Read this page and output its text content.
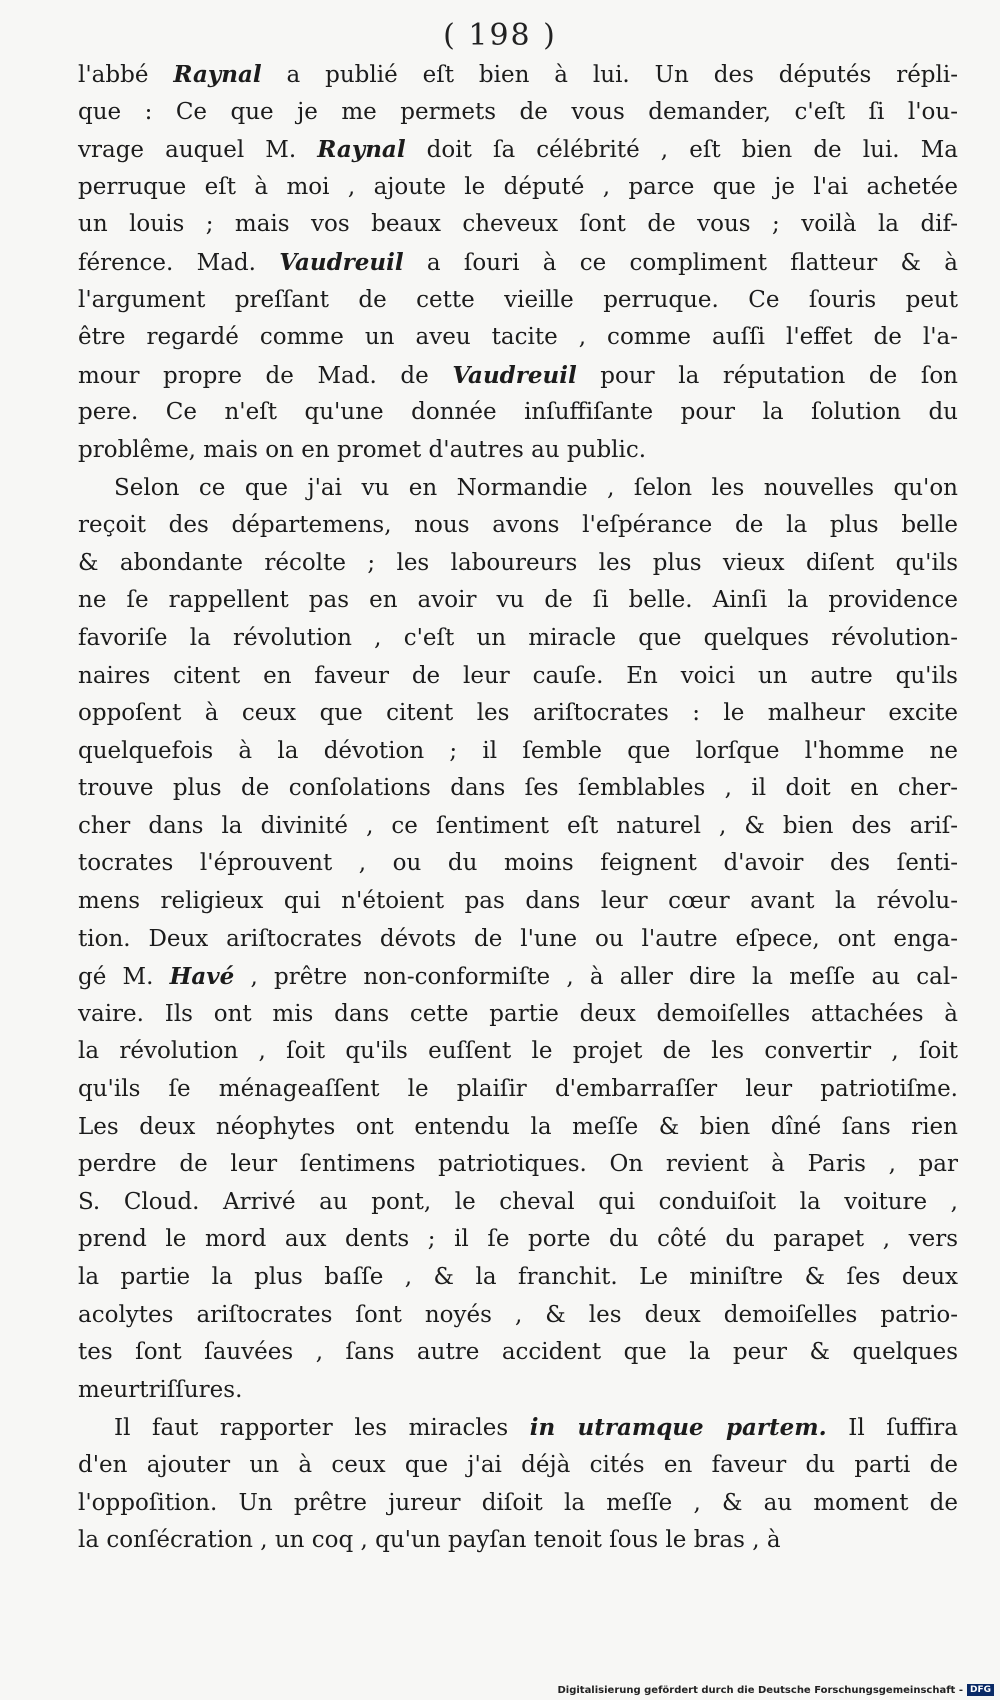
( 198 )
l'abbé Raynal a publié eſt bien à lui. Un des députés répli-
que : Ce que je me permets de vous demander, c'eſt ſi l'ou-
vrage auquel M. Raynal doit ſa célébrité , eſt bien de lui. Ma
perruque eſt à moi , ajoute le député , parce que je l'ai achetée
un louis ; mais vos beaux cheveux ſont de vous ; voilà la dif-
férence. Mad. Vaudreuil a ſouri à ce compliment flatteur & à
l'argument preſſant de cette vieille perruque. Ce ſouris peut
être regardé comme un aveu tacite , comme auſſi l'effet de l'a-
mour propre de Mad. de Vaudreuil pour la réputation de ſon
pere. Ce n'eſt qu'une donnée inſuffiſante pour la ſolution du
problême, mais on en promet d'autres au public.
Selon ce que j'ai vu en Normandie , ſelon les nouvelles qu'on
reçoit des départemens, nous avons l'eſpérance de la plus belle
& abondante récolte ; les laboureurs les plus vieux diſent qu'ils
ne ſe rappellent pas en avoir vu de ſi belle. Ainſi la providence
favoriſe la révolution , c'eſt un miracle que quelques révolution-
naires citent en faveur de leur cauſe. En voici un autre qu'ils
oppoſent à ceux que citent les ariſtocrates : le malheur excite
quelquefois à la dévotion ; il ſemble que lorſque l'homme ne
trouve plus de conſolations dans ſes ſemblables , il doit en cher-
cher dans la divinité , ce ſentiment eſt naturel , & bien des ariſ-
tocrates l'éprouvent , ou du moins feignent d'avoir des ſenti-
mens religieux qui n'étoient pas dans leur cœur avant la révolu-
tion. Deux ariſtocrates dévots de l'une ou l'autre eſpece, ont enga-
gé M. Havé , prêtre non-conformiſte , à aller dire la meſſe au cal-
vaire. Ils ont mis dans cette partie deux demoiſelles attachées à
la révolution , ſoit qu'ils euſſent le projet de les convertir , ſoit
qu'ils ſe ménageaſſent le plaiſir d'embarraſſer leur patriotiſme.
Les deux néophytes ont entendu la meſſe & bien dîné ſans rien
perdre de leur ſentimens patriotiques. On revient à Paris , par
S. Cloud. Arrivé au pont, le cheval qui conduiſoit la voiture ,
prend le mord aux dents ; il ſe porte du côté du parapet , vers
la partie la plus baſſe , & la franchit. Le miniſtre & ſes deux
acolytes ariſtocrates ſont noyés , & les deux demoiſelles patrio-
tes ſont ſauvées , ſans autre accident que la peur & quelques
meurtriſſures.
Il faut rapporter les miracles in utramque partem. Il ſuffira
d'en ajouter un à ceux que j'ai déjà cités en faveur du parti de
l'oppoſition. Un prêtre jureur diſoit la meſſe , & au moment de
la conſécration , un coq , qu'un payſan tenoit ſous le bras , à
Digitalisierung gefördert durch die Deutsche Forschungsgemeinschaft - DFG
